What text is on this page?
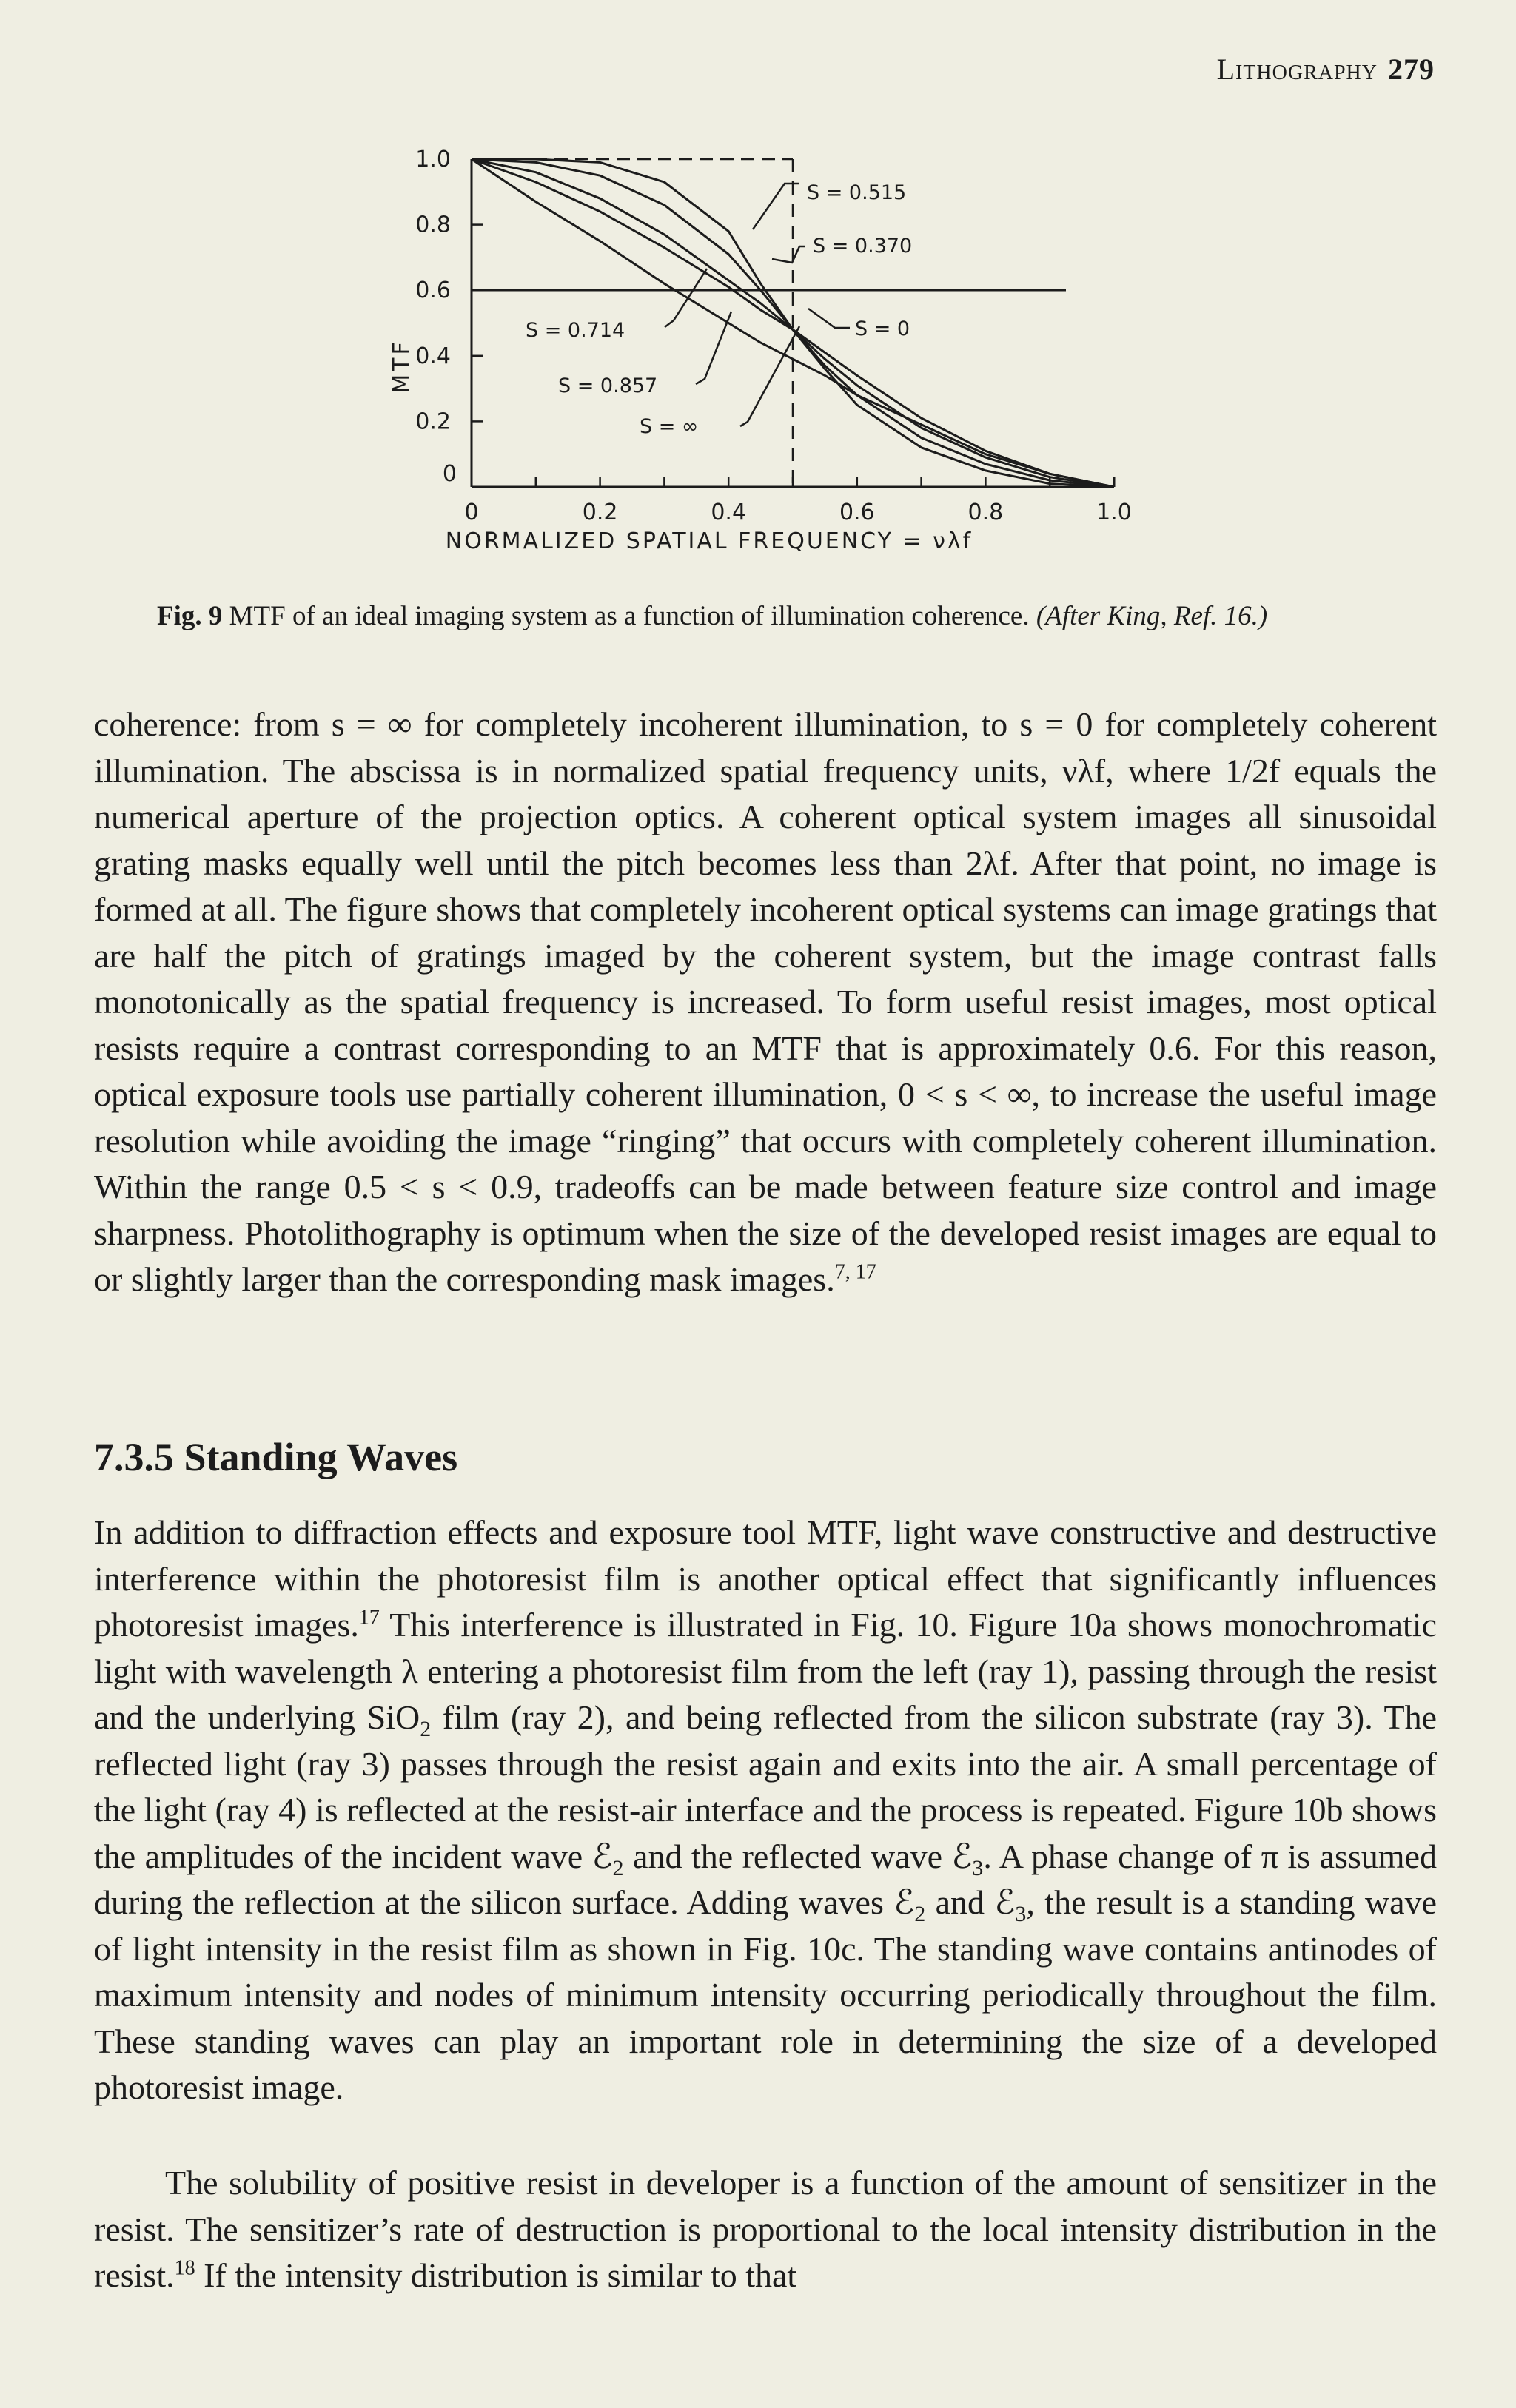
Lithography 279
0
0.2
0.4
0.6
0.8
1.0
0	0.2	0.4	0.6	0.8	1.0
MTF
NORMALIZED SPATIAL FREQUENCY = νλf
S = 0.515
S = 0.370
S = 0
S = 0.714
S = 0.857
S = ∞
Fig. 9 MTF of an ideal imaging system as a function of illumination coherence. (After King, Ref. 16.)

coherence: from s = ∞ for completely incoherent illumination, to s = 0 for completely coherent illumination. The abscissa is in normalized spatial frequency units, νλf, where 1/2f equals the numerical aperture of the projection optics. A coherent optical system images all sinusoidal grating masks equally well until the pitch becomes less than 2λf. After that point, no image is formed at all. The figure shows that completely incoherent optical systems can image gratings that are half the pitch of gratings imaged by the coherent system, but the image contrast falls monotonically as the spatial frequency is increased. To form useful resist images, most optical resists require a contrast corresponding to an MTF that is approximately 0.6. For this reason, optical exposure tools use partially coherent illumination, 0 < s < ∞, to increase the useful image resolution while avoiding the image “ringing” that occurs with completely coherent illumination. Within the range 0.5 < s < 0.9, tradeoffs can be made between feature size control and image sharpness. Photolithography is optimum when the size of the developed resist images are equal to or slightly larger than the corresponding mask images.$^{7, 17}$

7.3.5 Standing Waves

In addition to diffraction effects and exposure tool MTF, light wave constructive and destructive interference within the photoresist film is another optical effect that significantly influences photoresist images.$^{17}$ This interference is illustrated in Fig. 10. Figure 10a shows monochromatic light with wavelength λ entering a photoresist film from the left (ray 1), passing through the resist and the underlying SiO$_2$ film (ray 2), and being reflected from the silicon substrate (ray 3). The reflected light (ray 3) passes through the resist again and exits into the air. A small percentage of the light (ray 4) is reflected at the resist-air interface and the process is repeated. Figure 10b shows the amplitudes of the incident wave ℰ$_2$ and the reflected wave ℰ$_3$. A phase change of π is assumed during the reflection at the silicon surface. Adding waves ℰ$_2$ and ℰ$_3$, the result is a standing wave of light intensity in the resist film as shown in Fig. 10c. The standing wave contains antinodes of maximum intensity and nodes of minimum intensity occurring periodically throughout the film. These standing waves can play an important role in determining the size of a developed photoresist image.

The solubility of positive resist in developer is a function of the amount of sensitizer in the resist. The sensitizer’s rate of destruction is proportional to the local intensity distribution in the resist.$^{18}$ If the intensity distribution is similar to that
